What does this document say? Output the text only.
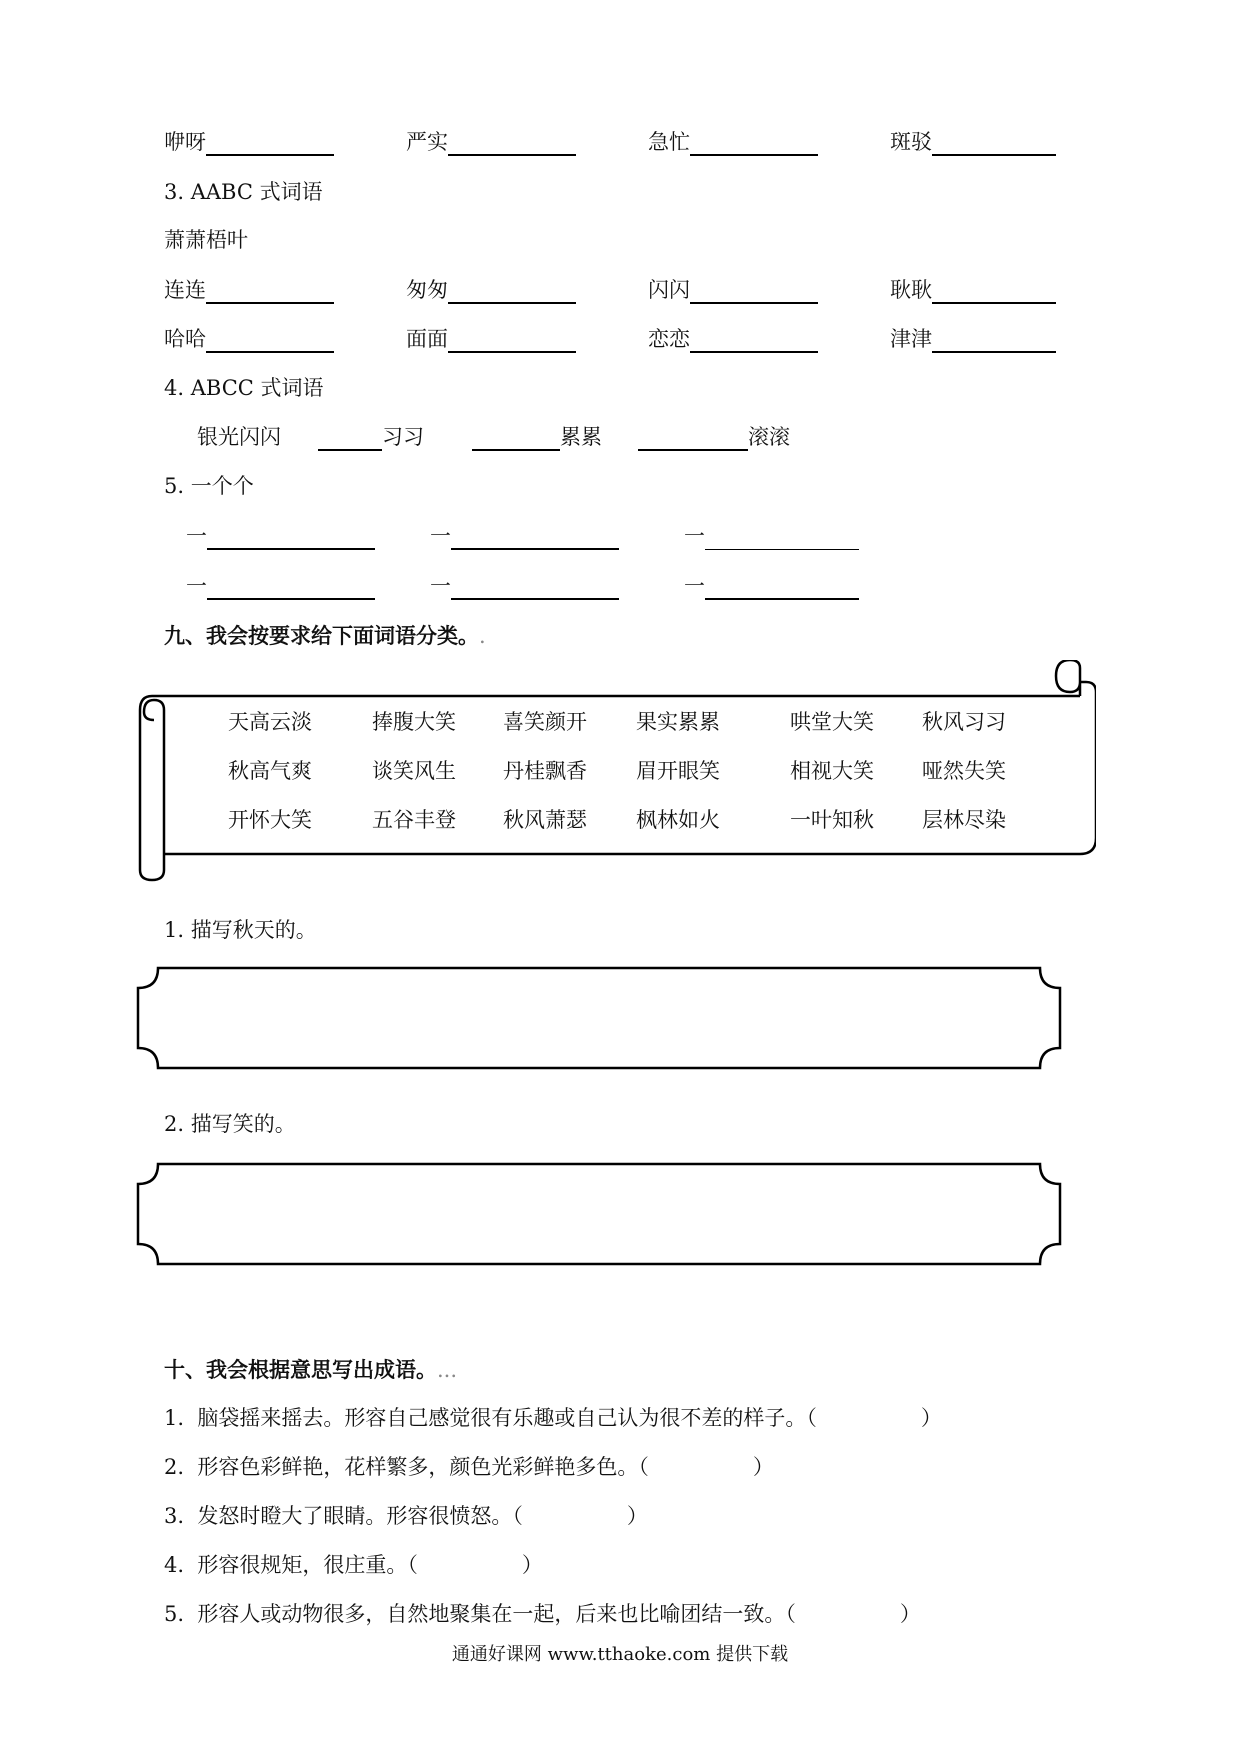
咿呀	严实	急忙	斑驳
3. AABC 式词语
萧萧梧叶
连连	匆匆	闪闪	耿耿
哈哈	面面	恋恋	津津
4. ABCC 式词语
银光闪闪	习习	累累	滚滚
5. 一个个
一	一	一
一	一	一
九、我会按要求给下面词语分类。.
天高云淡	捧腹大笑 喜笑颜开 果实累累	哄堂大笑 秋风习习
秋高气爽	谈笑风生 丹桂飘香 眉开眼笑	相视大笑 哑然失笑
开怀大笑	五谷丰登 秋风萧瑟 枫林如火	一叶知秋 层林尽染
1. 描写秋天的。
2. 描写笑的。
十、我会根据意思写出成语。...
1. 脑袋摇来摇去。形容自己感觉很有乐趣或自己认为很不差的样子。（	）
2. 形容色彩鲜艳，花样繁多，颜色光彩鲜艳多色。（	）
3. 发怒时瞪大了眼睛。形容很愤怒。（	）
4. 形容很规矩，很庄重。（	）
5. 形容人或动物很多，自然地聚集在一起，后来也比喻团结一致。（	）
通通好课网 www.tthaoke.com 提供下载
